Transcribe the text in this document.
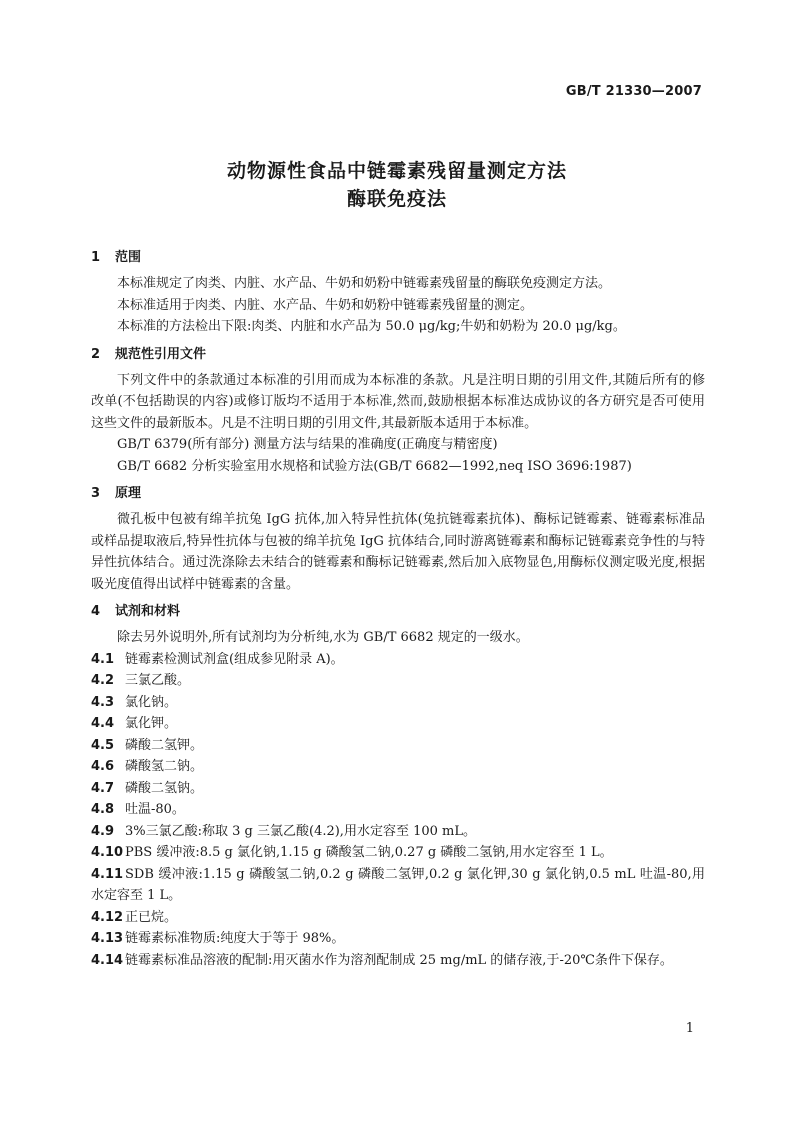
GB/T 21330—2007
动物源性食品中链霉素残留量测定方法
酶联免疫法
1 范围
本标准规定了肉类、内脏、水产品、牛奶和奶粉中链霉素残留量的酶联免疫测定方法。
本标准适用于肉类、内脏、水产品、牛奶和奶粉中链霉素残留量的测定。
本标准的方法检出下限:肉类、内脏和水产品为 50.0 μg/kg;牛奶和奶粉为 20.0 μg/kg。
2 规范性引用文件
下列文件中的条款通过本标准的引用而成为本标准的条款。凡是注明日期的引用文件,其随后所有的修改单(不包括勘误的内容)或修订版均不适用于本标准,然而,鼓励根据本标准达成协议的各方研究是否可使用这些文件的最新版本。凡是不注明日期的引用文件,其最新版本适用于本标准。
GB/T 6379(所有部分) 测量方法与结果的准确度(正确度与精密度)
GB/T 6682 分析实验室用水规格和试验方法(GB/T 6682—1992,neq ISO 3696:1987)
3 原理
微孔板中包被有绵羊抗兔 IgG 抗体,加入特异性抗体(兔抗链霉素抗体)、酶标记链霉素、链霉素标准品或样品提取液后,特异性抗体与包被的绵羊抗兔 IgG 抗体结合,同时游离链霉素和酶标记链霉素竞争性的与特异性抗体结合。通过洗涤除去未结合的链霉素和酶标记链霉素,然后加入底物显色,用酶标仪测定吸光度,根据吸光度值得出试样中链霉素的含量。
4 试剂和材料
除去另外说明外,所有试剂均为分析纯,水为 GB/T 6682 规定的一级水。
4.1 链霉素检测试剂盒(组成参见附录 A)。
4.2 三氯乙酸。
4.3 氯化钠。
4.4 氯化钾。
4.5 磷酸二氢钾。
4.6 磷酸氢二钠。
4.7 磷酸二氢钠。
4.8 吐温-80。
4.9 3%三氯乙酸:称取 3 g 三氯乙酸(4.2),用水定容至 100 mL。
4.10 PBS 缓冲液:8.5 g 氯化钠,1.15 g 磷酸氢二钠,0.27 g 磷酸二氢钠,用水定容至 1 L。
4.11 SDB 缓冲液:1.15 g 磷酸氢二钠,0.2 g 磷酸二氢钾,0.2 g 氯化钾,30 g 氯化钠,0.5 mL 吐温-80,用水定容至 1 L。
4.12 正已烷。
4.13 链霉素标准物质:纯度大于等于 98%。
4.14 链霉素标准品溶液的配制:用灭菌水作为溶剂配制成 25 mg/mL 的储存液,于-20℃条件下保存。
1
